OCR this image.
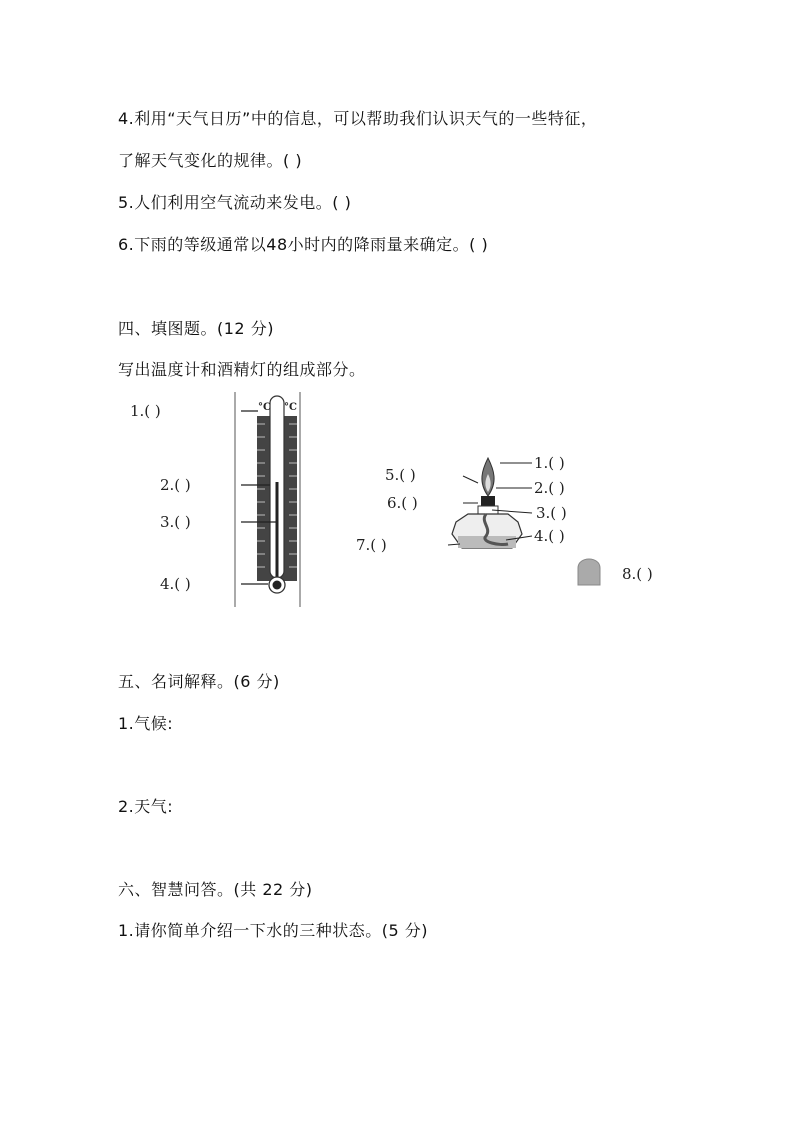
4.利用“天气日历”中的信息，可以帮助我们认识天气的一些特征，
了解天气变化的规律。( )
5.人们利用空气流动来发电。( )
6.下雨的等级通常以48小时内的降雨量来确定。( )
四、填图题。(12 分)
写出温度计和酒精灯的组成部分。
°C °C
1.( )
2.( )
3.( )
4.( )
1.( )
2.( )
3.( )
4.( )
5.( )
6.( )
7.( )
8.( )
五、名词解释。(6 分)
1.气候:
2.天气:
六、智慧问答。(共 22 分)
1.请你简单介绍一下水的三种状态。(5 分)
